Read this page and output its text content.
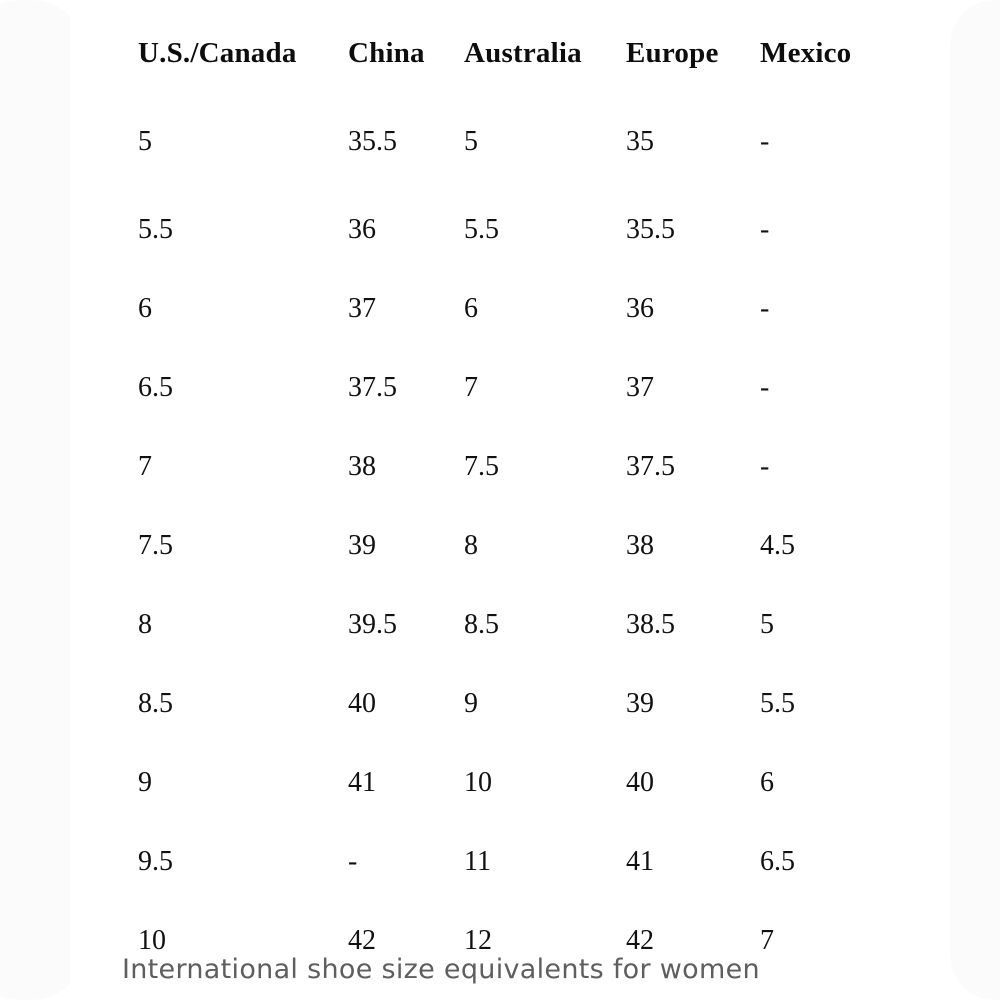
U.S./Canada	China	Australia	Europe	Mexico
5	35.5	5	35	-
5.5	36	5.5	35.5	-
6	37	6	36	-
6.5	37.5	7	37	-
7	38	7.5	37.5	-
7.5	39	8	38	4.5
8	39.5	8.5	38.5	5
8.5	40	9	39	5.5
9	41	10	40	6
9.5	-	11	41	6.5
10	42	12	42	7
International shoe size equivalents for women
